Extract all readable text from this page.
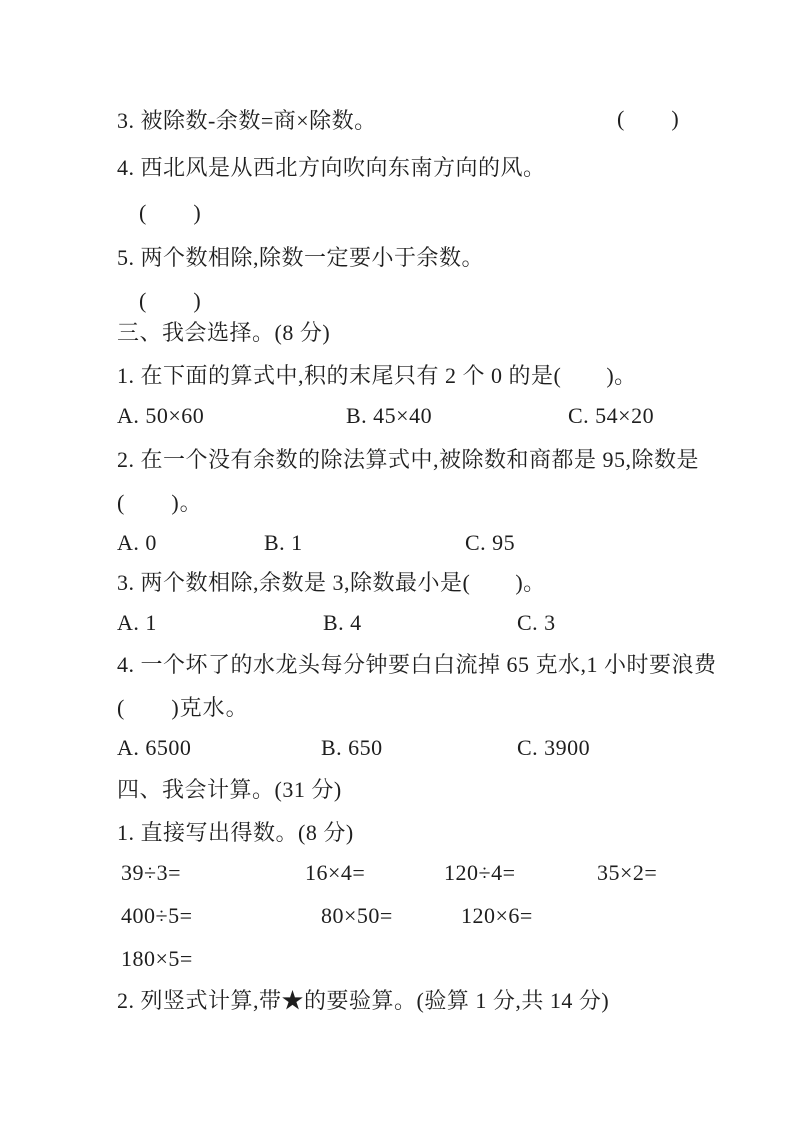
3. 被除数-余数=商×除数。	(　　)
4. 西北风是从西北方向吹向东南方向的风。
(　　)
5. 两个数相除,除数一定要小于余数。
(　　)
三、我会选择。(8 分)
1. 在下面的算式中,积的末尾只有 2 个 0 的是(　　)。
A. 50×60	B. 45×40	C. 54×20
2. 在一个没有余数的除法算式中,被除数和商都是 95,除数是
(　　)。
A. 0	B. 1	C. 95
3. 两个数相除,余数是 3,除数最小是(　　)。
A. 1	B. 4	C. 3
4. 一个坏了的水龙头每分钟要白白流掉 65 克水,1 小时要浪费
(　　)克水。
A. 6500	B. 650	C. 3900
四、我会计算。(31 分)
1. 直接写出得数。(8 分)
39÷3=	16×4=	120÷4=	35×2=
400÷5=	80×50=	120×6=
180×5=
2. 列竖式计算,带★的要验算。(验算 1 分,共 14 分)
